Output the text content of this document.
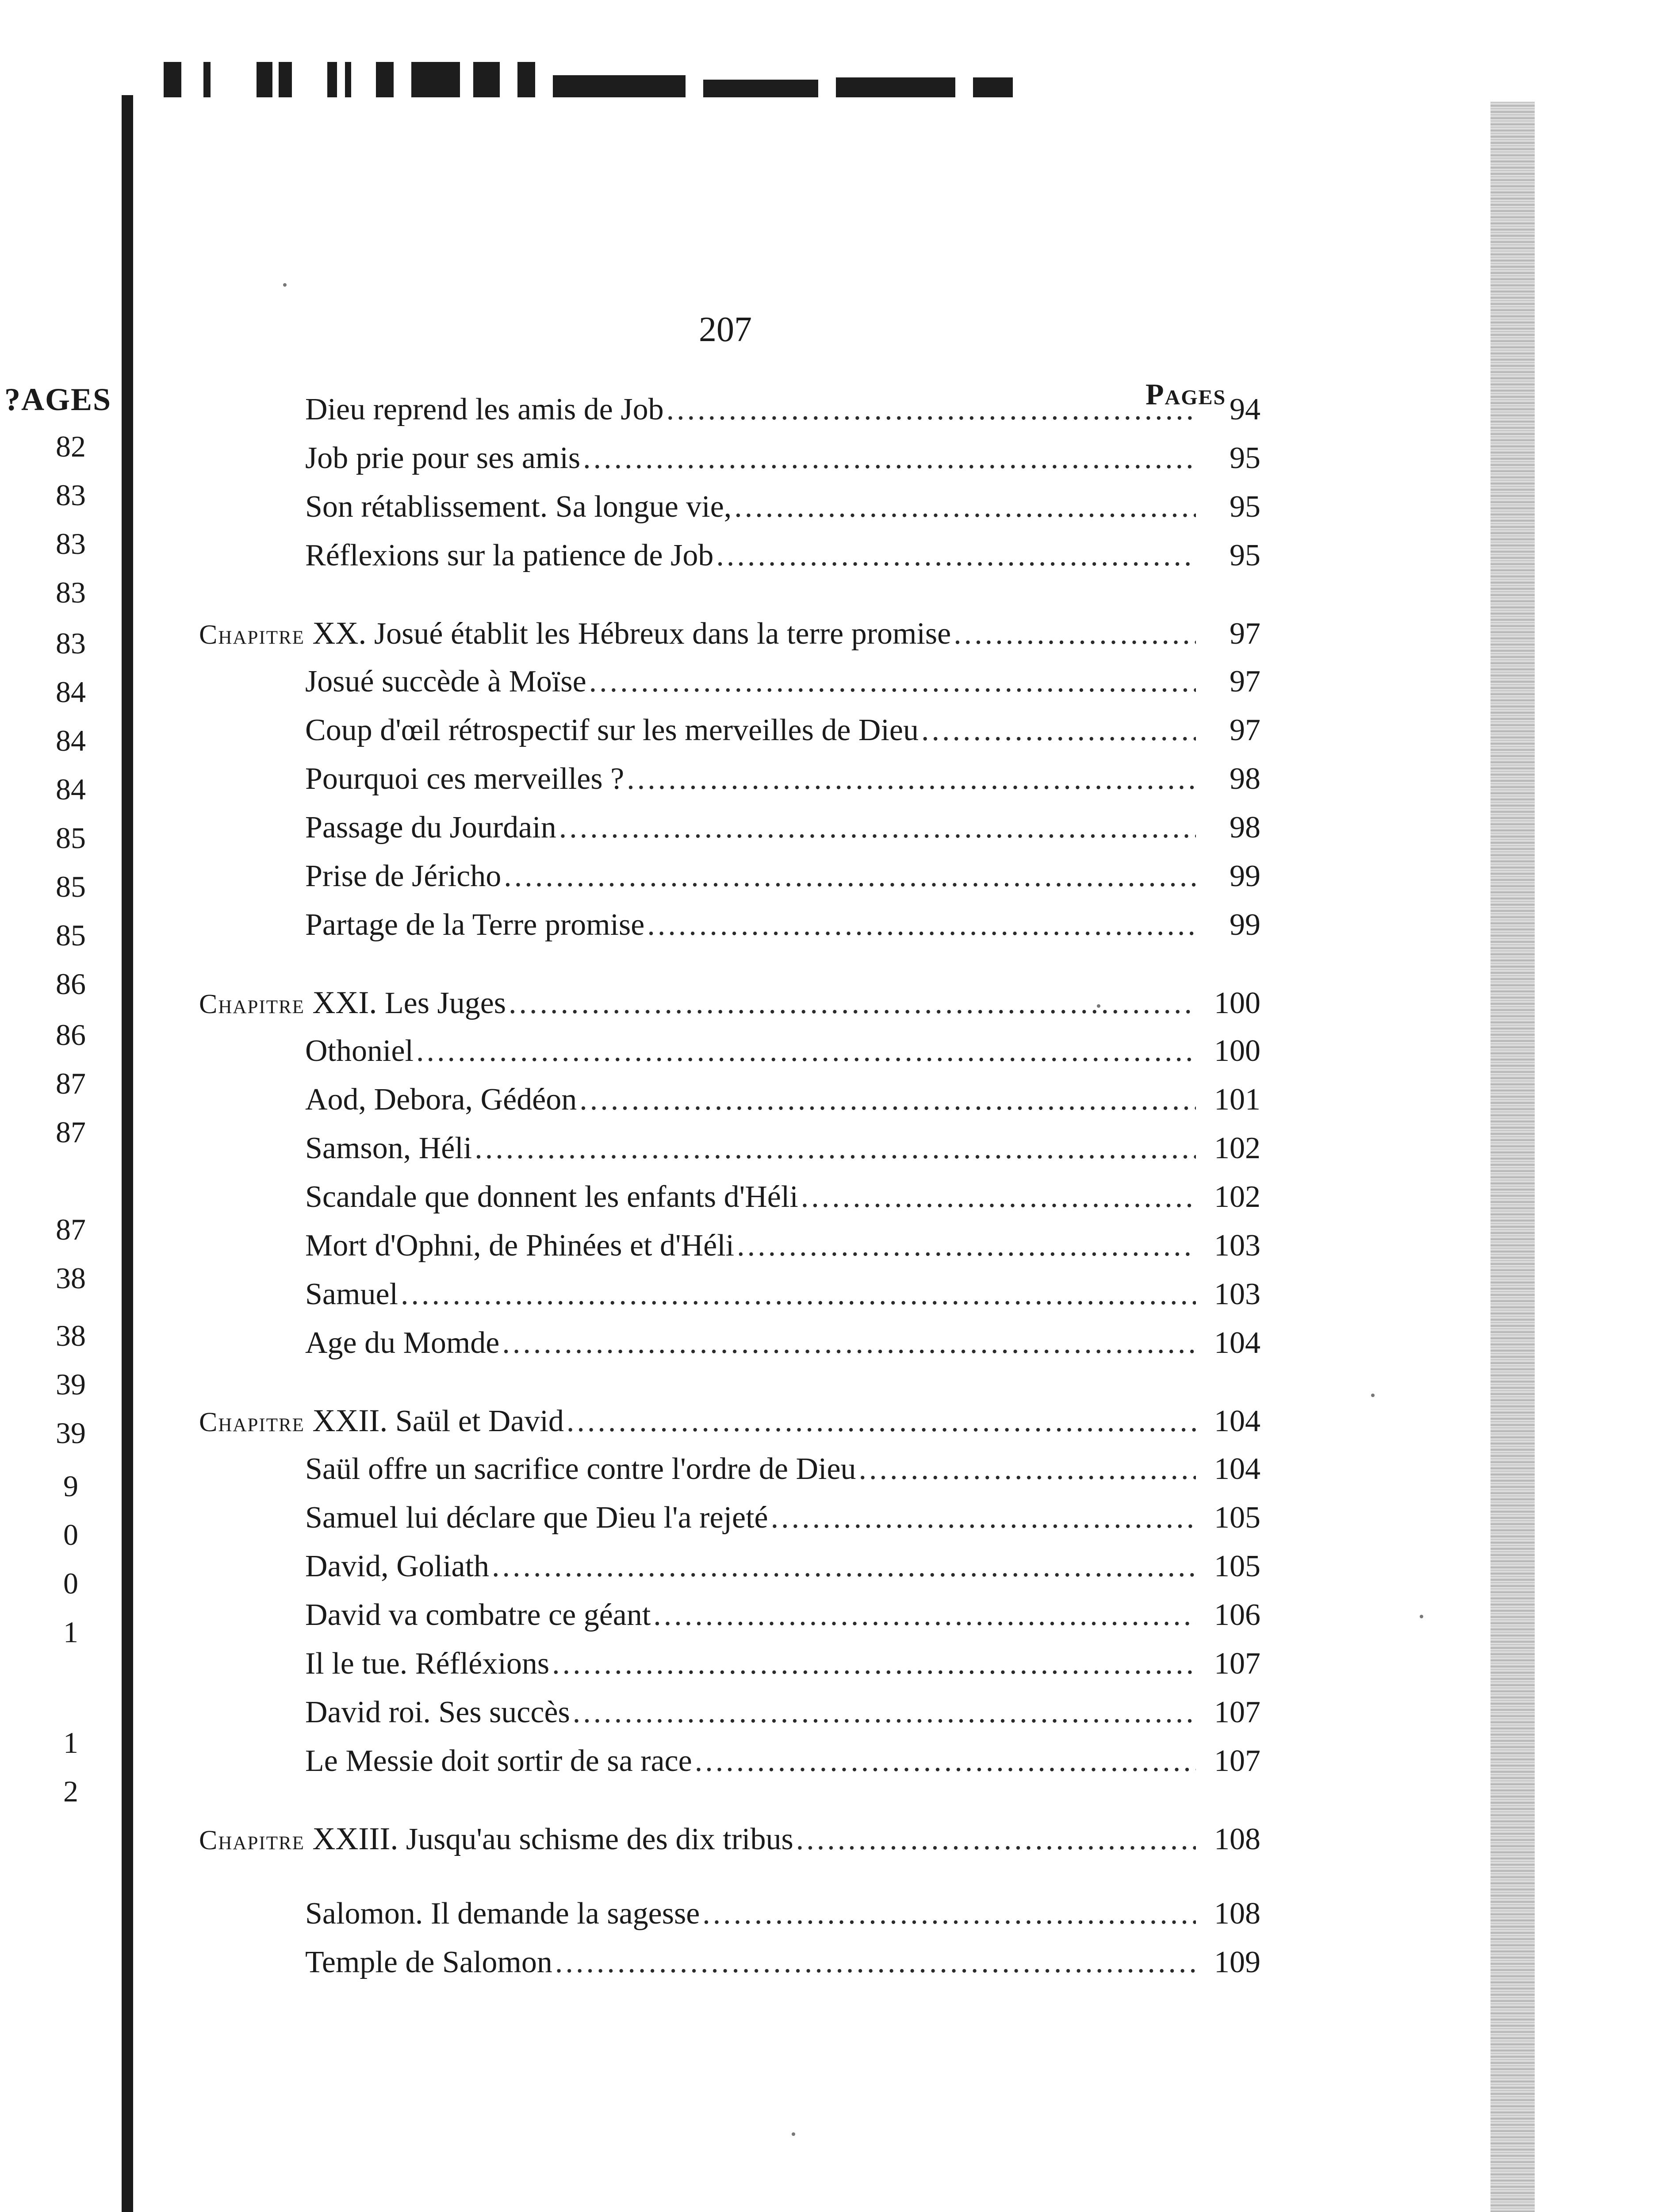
?AGES
82
83
83
83
83
84
84
84
85
85
85
86
86
87
87
87
38
38
39
39
9
0
0
1
1
2
207
Pages
Dieu reprend les amis de Job .....	94
Job prie pour ses amis .....	95
Son rétablissement. Sa longue vie, .....	95
Réflexions sur la patience de Job .....	95
Chapitre XX. Josué établit les Hébreux dans la terre promise .....	97
Josué succède à Moïse .....	97
Coup d'œil rétrospectif sur les merveilles de Dieu .....	97
Pourquoi ces merveilles ? .....	98
Passage du Jourdain .....	98
Prise de Jéricho .....	99
Partage de la Terre promise .....	99
Chapitre XXI. Les Juges .....	100
Othoniel .....	100
Aod, Debora, Gédéon .....	101
Samson, Héli .....	102
Scandale que donnent les enfants d'Héli .....	102
Mort d'Ophni, de Phinées et d'Héli .....	103
Samuel .....	103
Age du Momde .....	104
Chapitre XXII. Saül et David .....	104
Saül offre un sacrifice contre l'ordre de Dieu .....	104
Samuel lui déclare que Dieu l'a rejeté .....	105
David, Goliath .....	105
David va combatre ce géant .....	106
Il le tue. Réfléxions .....	107
David roi. Ses succès .....	107
Le Messie doit sortir de sa race .....	107
Chapitre XXIII. Jusqu'au schisme des dix tribus .....	108
Salomon. Il demande la sagesse .....	108
Temple de Salomon .....	109
